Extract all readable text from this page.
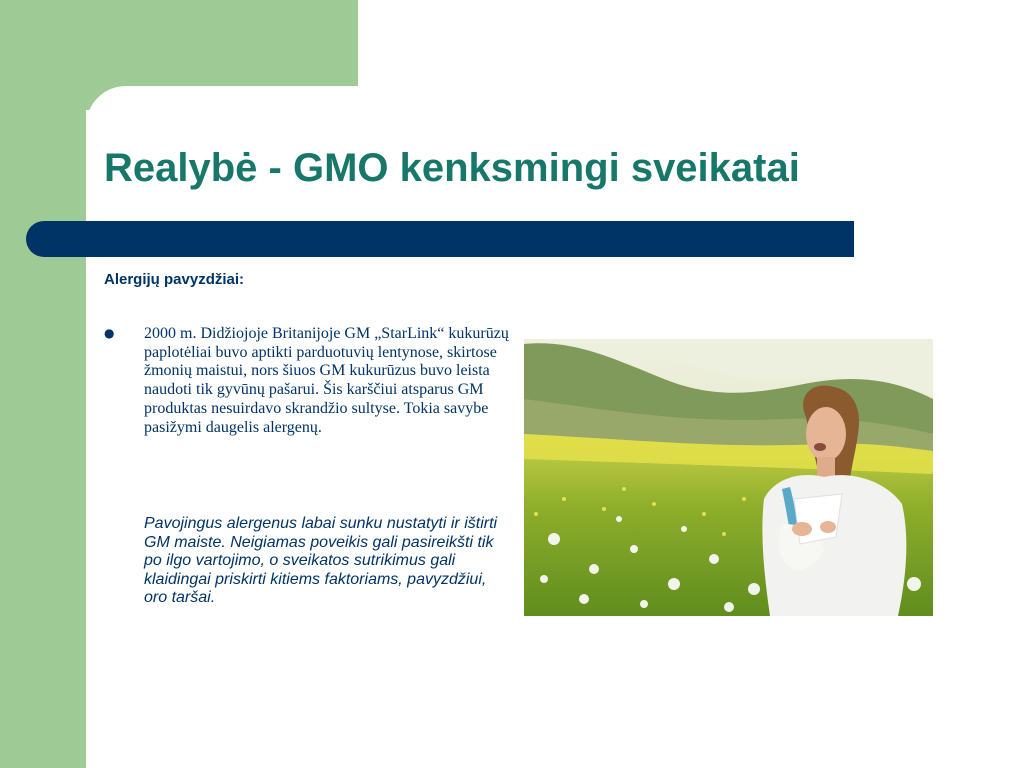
Realybė - GMO kenksmingi sveikatai
Alergijų pavyzdžiai:
● 2000 m. Didžiojoje Britanijoje GM „StarLink“ kukurūzų paplotėliai buvo aptikti parduotuvių lentynose, skirtose žmonių maistui, nors šiuos GM kukurūzus buvo leista naudoti tik gyvūnų pašarui. Šis karščiui atsparus GM produktas nesuirdavo skrandžio sultyse. Tokia savybe pasižymi daugelis alergenų.

Pavojingus alergenus labai sunku nustatyti ir ištirti GM maiste. Neigiamas poveikis gali pasireikšti tik po ilgo vartojimo, o sveikatos sutrikimus gali klaidingai priskirti kitiems faktoriams, pavyzdžiui, oro taršai.
